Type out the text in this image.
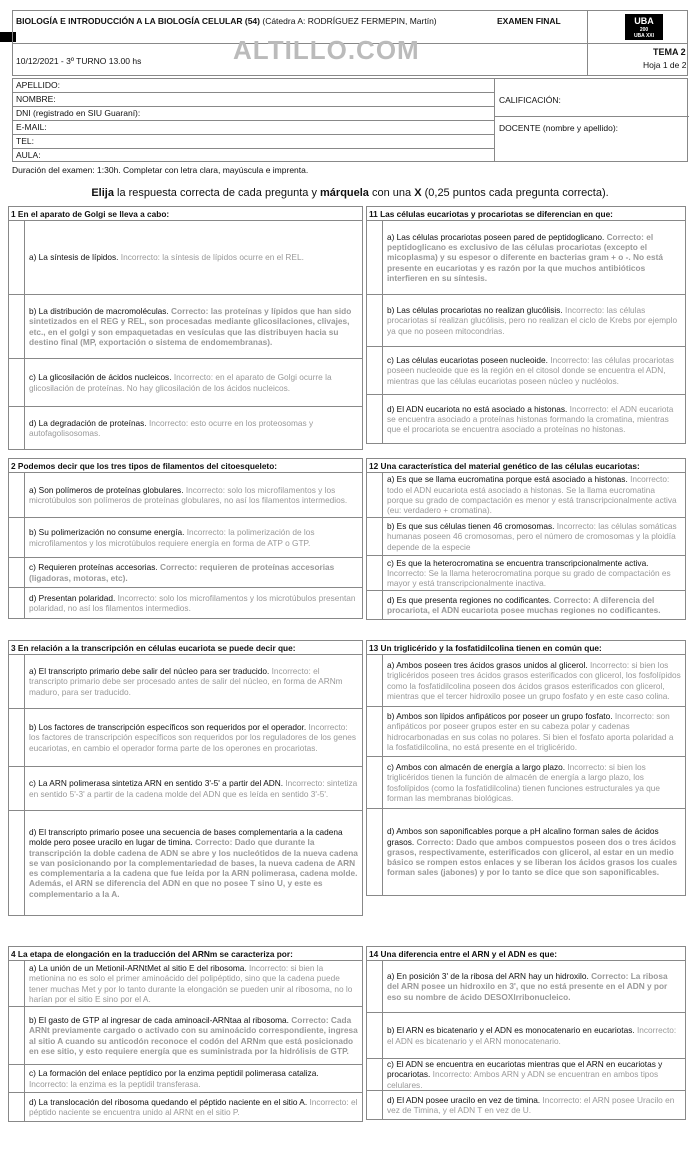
BIOLOGÍA E INTRODUCCIÓN A LA BIOLOGÍA CELULAR (54) (Cátedra A: RODRÍGUEZ FERMEPIN, Martín)	EXAMEN FINAL	UBA
200
UBA XXI
ALTILLO.COM
10/12/2021 - 3º TURNO 13.00 hs
TEMA 2
Hoja 1 de 2
APELLIDO:
NOMBRE:
DNI (registrado en SIU Guaraní):
E-MAIL:
TEL:
AULA:
CALIFICACIÓN:
DOCENTE (nombre y apellido):
Duración del examen: 1:30h. Completar con letra clara, mayúscula e imprenta.
Elija la respuesta correcta de cada pregunta y márquela con una X (0,25 puntos cada pregunta correcta).
1 En el aparato de Golgi se lleva a cabo:
a) La síntesis de lípidos. Incorrecto: la síntesis de lípidos ocurre en el REL.
b) La distribución de macromoléculas. Correcto: las proteínas y lípidos que han sido sintetizados en el REG y REL, son procesadas mediante glicosilaciones, clivajes, etc., en el golgi y son empaquetadas en vesículas que las distribuyen hacia su destino final (MP, exportación o sistema de endomembranas).
c) La glicosilación de ácidos nucleicos. Incorrecto: en el aparato de Golgi ocurre la glicosilación de proteínas. No hay glicosilación de los ácidos nucleicos.
d) La degradación de proteínas. Incorrecto: esto ocurre en los proteosomas y autofagolisosomas.
2 Podemos decir que los tres tipos de filamentos del citoesqueleto:
a) Son polímeros de proteínas globulares. Incorrecto: solo los microfilamentos y los microtúbulos son polímeros de proteínas globulares, no así los filamentos intermedios.
b) Su polimerización no consume energía. Incorrecto: la polimerización de los microfilamentos y los microtúbulos requiere energía en forma de ATP o GTP.
c) Requieren proteínas accesorias. Correcto: requieren de proteínas accesorias (ligadoras, motoras, etc).
d) Presentan polaridad. Incorrecto: solo los microfilamentos y los microtúbulos presentan polaridad, no así los filamentos intermedios.
3 En relación a la transcripción en células eucariota se puede decir que:
a) El transcripto primario debe salir del núcleo para ser traducido. Incorrecto: el transcripto primario debe ser procesado antes de salir del núcleo, en forma de ARNm maduro, para ser traducido.
b) Los factores de transcripción específicos son requeridos por el operador. Incorrecto: los factores de transcripción específicos son requeridos por los reguladores de los genes eucariotas, en cambio el operador forma parte de los operones en procariotas.
c) La ARN polimerasa sintetiza ARN en sentido 3'-5' a partir del ADN. Incorrecto: sintetiza en sentido 5'-3' a partir de la cadena molde del ADN que es leída en sentido 3'-5'.
d) El transcripto primario posee una secuencia de bases complementaria a la cadena molde pero posee uracilo en lugar de timina. Correcto: Dado que durante la transcripción la doble cadena de ADN se abre y los nucleótidos de la nueva cadena se van posicionando por la complementariedad de bases, la nueva cadena de ARN es complementaria a la cadena que fue leída por la ARN polimerasa, cadena molde. Además, el ARN se diferencia del ADN en que no posee T sino U, y este es complementario a la A.
4 La etapa de elongación en la traducción del ARNm se caracteriza por:
a) La unión de un Metionil-ARNtMet al sitio E del ribosoma. Incorrecto: si bien la metionina no es solo el primer aminoácido del polipéptido, sino que la cadena puede tener muchas Met y por lo tanto durante la elongación se pueden unir al ribosoma, no lo harían por el sitio E sino por el A.
b) El gasto de GTP al ingresar de cada aminoacil-ARNtaa al ribosoma. Correcto: Cada ARNt previamente cargado o activado con su aminoácido correspondiente, ingresa al sitio A cuando su anticodón reconoce el codón del ARNm que está posicionado en ese sitio, y esto requiere energía que es suministrada por la hidrólisis de GTP.
c) La formación del enlace peptídico por la enzima peptidil polimerasa cataliza. Incorrecto: la enzima es la peptidil transferasa.
d) La translocación del ribosoma quedando el péptido naciente en el sitio A. Incorrecto: el péptido naciente se encuentra unido al ARNt en el sitio P.
11 Las células eucariotas y procariotas se diferencian en que:
a) Las células procariotas poseen pared de peptidoglicano. Correcto: el peptidoglicano es exclusivo de las células procariotas (excepto el micoplasma) y su espesor o diferente en bacterias gram + o -. No está presente en eucariotas y es razón por la que muchos antibióticos interfieren en su síntesis.
b) Las células procariotas no realizan glucólisis. Incorrecto: las células procariotas sí realizan glucólisis, pero no realizan el ciclo de Krebs por ejemplo ya que no poseen mitocondrias.
c) Las células eucariotas poseen nucleoide. Incorrecto: las células procariotas poseen nucleoide que es la región en el citosol donde se encuentra el ADN, mientras que las células eucariotas poseen núcleo y nucléolos.
d) El ADN eucariota no está asociado a histonas. Incorrecto: el ADN eucariota se encuentra asociado a proteínas histonas formando la cromatina, mientras que el procariota se encuentra asociado a proteínas no histonas.
12 Una característica del material genético de las células eucariotas:
a) Es que se llama eucromatina porque está asociado a histonas. Incorrecto: todo el ADN eucariota está asociado a histonas. Se la llama eucromatina porque su grado de compactación es menor y está transcripcionalmente activa (eu: verdadero + cromatina).
b) Es que sus células tienen 46 cromosomas. Incorrecto: las células somáticas humanas poseen 46 cromosomas, pero el número de cromosomas y la ploidía depende de la especie
c) Es que la heterocromatina se encuentra transcripcionalmente activa. Incorrecto: Se la llama heterocromatina porque su grado de compactación es mayor y está transcripcionalmente inactiva.
d) Es que presenta regiones no codificantes. Correcto: A diferencia del procariota, el ADN eucariota posee muchas regiones no codificantes.
13 Un triglicérido y la fosfatidilcolina tienen en común que:
a) Ambos poseen tres ácidos grasos unidos al glicerol. Incorrecto: si bien los triglicéridos poseen tres ácidos grasos esterificados con glicerol, los fosfolípidos como la fosfatidilcolina poseen dos ácidos grasos esterificados con glicerol, mientras que el tercer hidroxilo posee un grupo fosfato y en este caso colina.
b) Ambos son lípidos anfipáticos por poseer un grupo fosfato. Incorrecto: son anfipáticos por poseer grupos ester en su cabeza polar y cadenas hidrocarbonadas en sus colas no polares. Si bien el fosfato aporta polaridad a la fosfatidilcolina, no está presente en el triglicérido.
c) Ambos con almacén de energía a largo plazo. Incorrecto: si bien los triglicéridos tienen la función de almacén de energía a largo plazo, los fosfolípidos (como la fosfatidilcolina) tienen funciones estructurales ya que forman las membranas biológicas.
d) Ambos son saponificables porque a pH alcalino forman sales de ácidos grasos. Correcto: Dado que ambos compuestos poseen dos o tres ácidos grasos, respectivamente, esterificados con glicerol, al estar en un medio básico se rompen estos enlaces y se liberan los ácidos grasos los cuales forman sales (jabones) y por lo tanto se dice que son saponificables.
14 Una diferencia entre el ARN y el ADN es que:
a) En posición 3' de la ribosa del ARN hay un hidroxilo. Correcto: La ribosa del ARN posee un hidroxilo en 3', que no está presente en el ADN y por eso su nombre de ácido DESOXIrribonucleico.
b) El ARN es bicatenario y el ADN es monocatenario en eucariotas. Incorrecto: el ADN es bicatenario y el ARN monocatenario.
c) El ADN se encuentra en eucariotas mientras que el ARN en eucariotas y procariotas. Incorrecto: Ambos ARN y ADN se encuentran en ambos tipos celulares.
d) El ADN posee uracilo en vez de timina. Incorrecto: el ARN posee Uracilo en vez de Timina, y el ADN T en vez de U.
